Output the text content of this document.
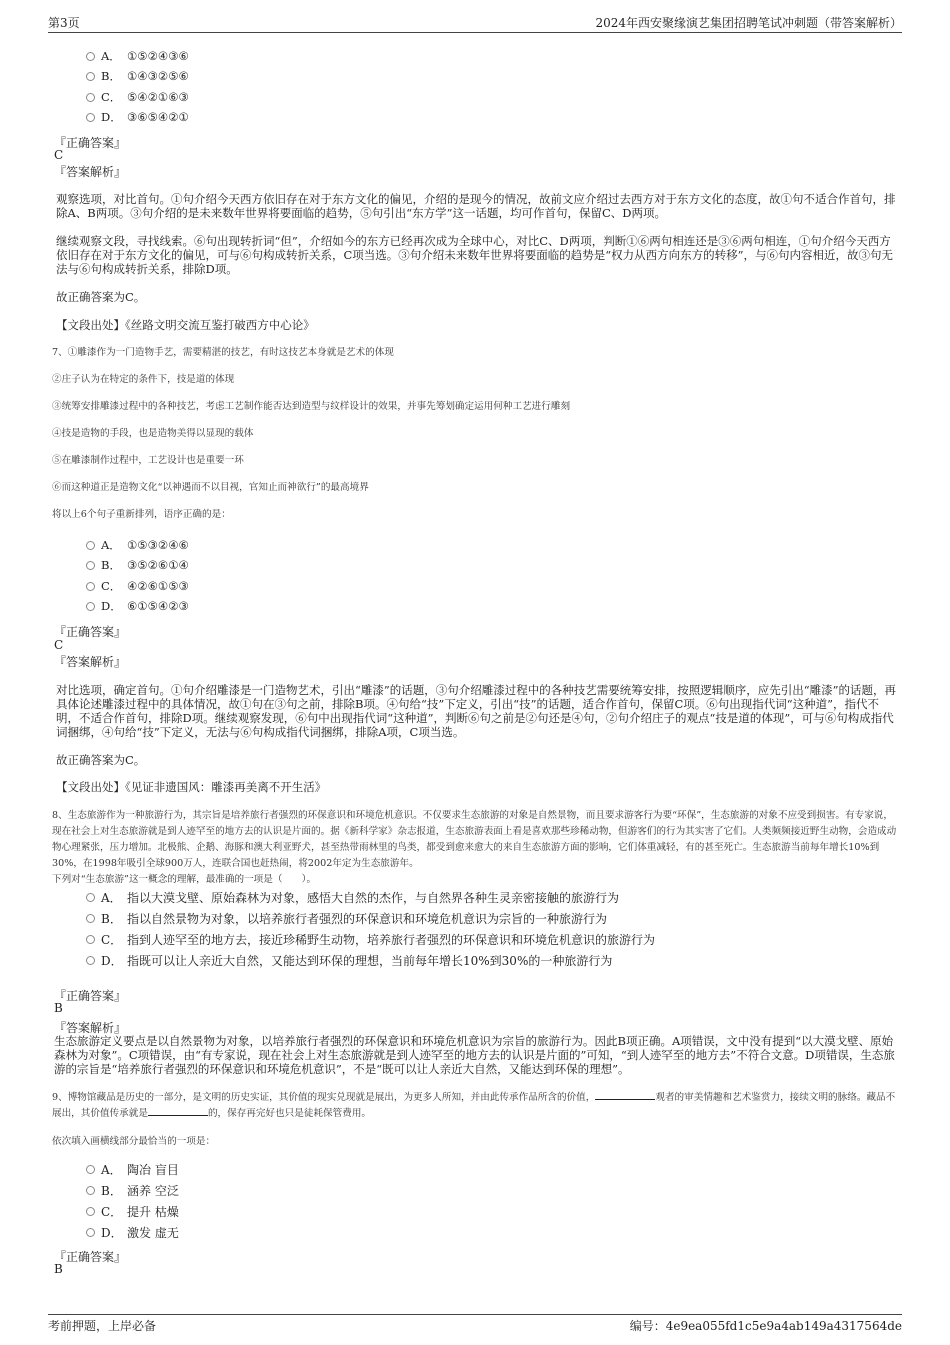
第3页	2024年西安聚缘演艺集团招聘笔试冲刺题（带答案解析）
A． ①⑤②④③⑥
B． ①④③②⑤⑥
C． ⑤④②①⑥③
D． ③⑥⑤④②①
『正确答案』
C
『答案解析』
观察选项，对比首句。①句介绍今天西方依旧存在对于东方文化的偏见，介绍的是现今的情况，故前文应介绍过去西方对于东方文化的态度，故①句不适合作首句，排除A、B两项。③句介绍的是未来数年世界将要面临的趋势，⑤句引出“东方学”这一话题，均可作首句，保留C、D两项。
继续观察文段，寻找线索。⑥句出现转折词“但”，介绍如今的东方已经再次成为全球中心，对比C、D两项，判断①⑥两句相连还是③⑥两句相连，①句介绍今天西方依旧存在对于东方文化的偏见，可与⑥句构成转折关系，C项当选。③句介绍未来数年世界将要面临的趋势是“权力从西方向东方的转移”，与⑥句内容相近，故③句无法与⑥句构成转折关系，排除D项。
故正确答案为C。
【文段出处】《丝路文明交流互鉴打破西方中心论》
7、①雕漆作为一门造物手艺，需要精湛的技艺，有时这技艺本身就是艺术的体现
②庄子认为在特定的条件下，技是道的体现
③统筹安排雕漆过程中的各种技艺，考虑工艺制作能否达到造型与纹样设计的效果，并事先筹划确定运用何种工艺进行雕刻
④技是造物的手段，也是造物美得以显现的载体
⑤在雕漆制作过程中，工艺设计也是重要一环
⑥而这种道正是造物文化“以神遇而不以目视，官知止而神欲行”的最高境界
将以上6个句子重新排列，语序正确的是：
A． ①⑤③②④⑥
B． ③⑤②⑥①④
C． ④②⑥①⑤③
D． ⑥①⑤④②③
『正确答案』
C
『答案解析』
对比选项，确定首句。①句介绍雕漆是一门造物艺术，引出“雕漆”的话题，③句介绍雕漆过程中的各种技艺需要统筹安排，按照逻辑顺序，应先引出“雕漆”的话题，再具体论述雕漆过程中的具体情况，故①句在③句之前，排除B项。④句给“技”下定义，引出“技”的话题，适合作首句，保留C项。⑥句出现指代词“这种道”，指代不明，不适合作首句，排除D项。继续观察发现，⑥句中出现指代词“这种道”，判断⑥句之前是②句还是④句，②句介绍庄子的观点“技是道的体现”，可与⑥句构成指代词捆绑，④句给“技”下定义，无法与⑥句构成指代词捆绑，排除A项，C项当选。
故正确答案为C。
【文段出处】《见证非遗国风：雕漆再美离不开生活》
8、生态旅游作为一种旅游行为，其宗旨是培养旅行者强烈的环保意识和环境危机意识。不仅要求生态旅游的对象是自然景物，而且要求游客行为要“环保”，生态旅游的对象不应受到损害。有专家说，现在社会上对生态旅游就是到人迹罕至的地方去的认识是片面的。据《新科学家》杂志报道，生态旅游表面上看是喜欢那些珍稀动物，但游客们的行为其实害了它们。人类频频接近野生动物，会造成动物心理紧张，压力增加。北极熊、企鹅、海豚和澳大利亚野犬，甚至热带雨林里的鸟类，都受到愈来愈大的来自生态旅游方面的影响，它们体重减轻，有的甚至死亡。生态旅游当前每年增长10%到30%，在1998年吸引全球900万人，连联合国也赶热闹，将2002年定为生态旅游年。
下列对“生态旅游”这一概念的理解，最准确的一项是（　　）。
A． 指以大漠戈壁、原始森林为对象，感悟大自然的杰作，与自然界各种生灵亲密接触的旅游行为
B． 指以自然景物为对象，以培养旅行者强烈的环保意识和环境危机意识为宗旨的一种旅游行为
C． 指到人迹罕至的地方去，接近珍稀野生动物，培养旅行者强烈的环保意识和环境危机意识的旅游行为
D． 指既可以让人亲近大自然，又能达到环保的理想，当前每年增长10%到30%的一种旅游行为
『正确答案』
B
『答案解析』
生态旅游定义要点是以自然景物为对象，以培养旅行者强烈的环保意识和环境危机意识为宗旨的旅游行为。因此B项正确。A项错误，文中没有提到“以大漠戈壁、原始森林为对象”。C项错误，由“有专家说，现在社会上对生态旅游就是到人迹罕至的地方去的认识是片面的”可知，“到人迹罕至的地方去”不符合文意。D项错误，生态旅游的宗旨是“培养旅行者强烈的环保意识和环境危机意识”，不是“既可以让人亲近大自然，又能达到环保的理想”。
9、博物馆藏品是历史的一部分，是文明的历史实证，其价值的现实兑现就是展出，为更多人所知，并由此传承作品所含的价值，	观者的审美情趣和艺术鉴赏力，接续文明的脉络。藏品不展出，其价值传承就是	的，保存再完好也只是徒耗保管费用。
依次填入画横线部分最恰当的一项是：
A． 陶冶 盲目
B． 涵养 空泛
C． 提升 枯燥
D． 激发 虚无
『正确答案』
B
考前押题，上岸必备	编号：4e9ea055fd1c5e9a4ab149a4317564de
